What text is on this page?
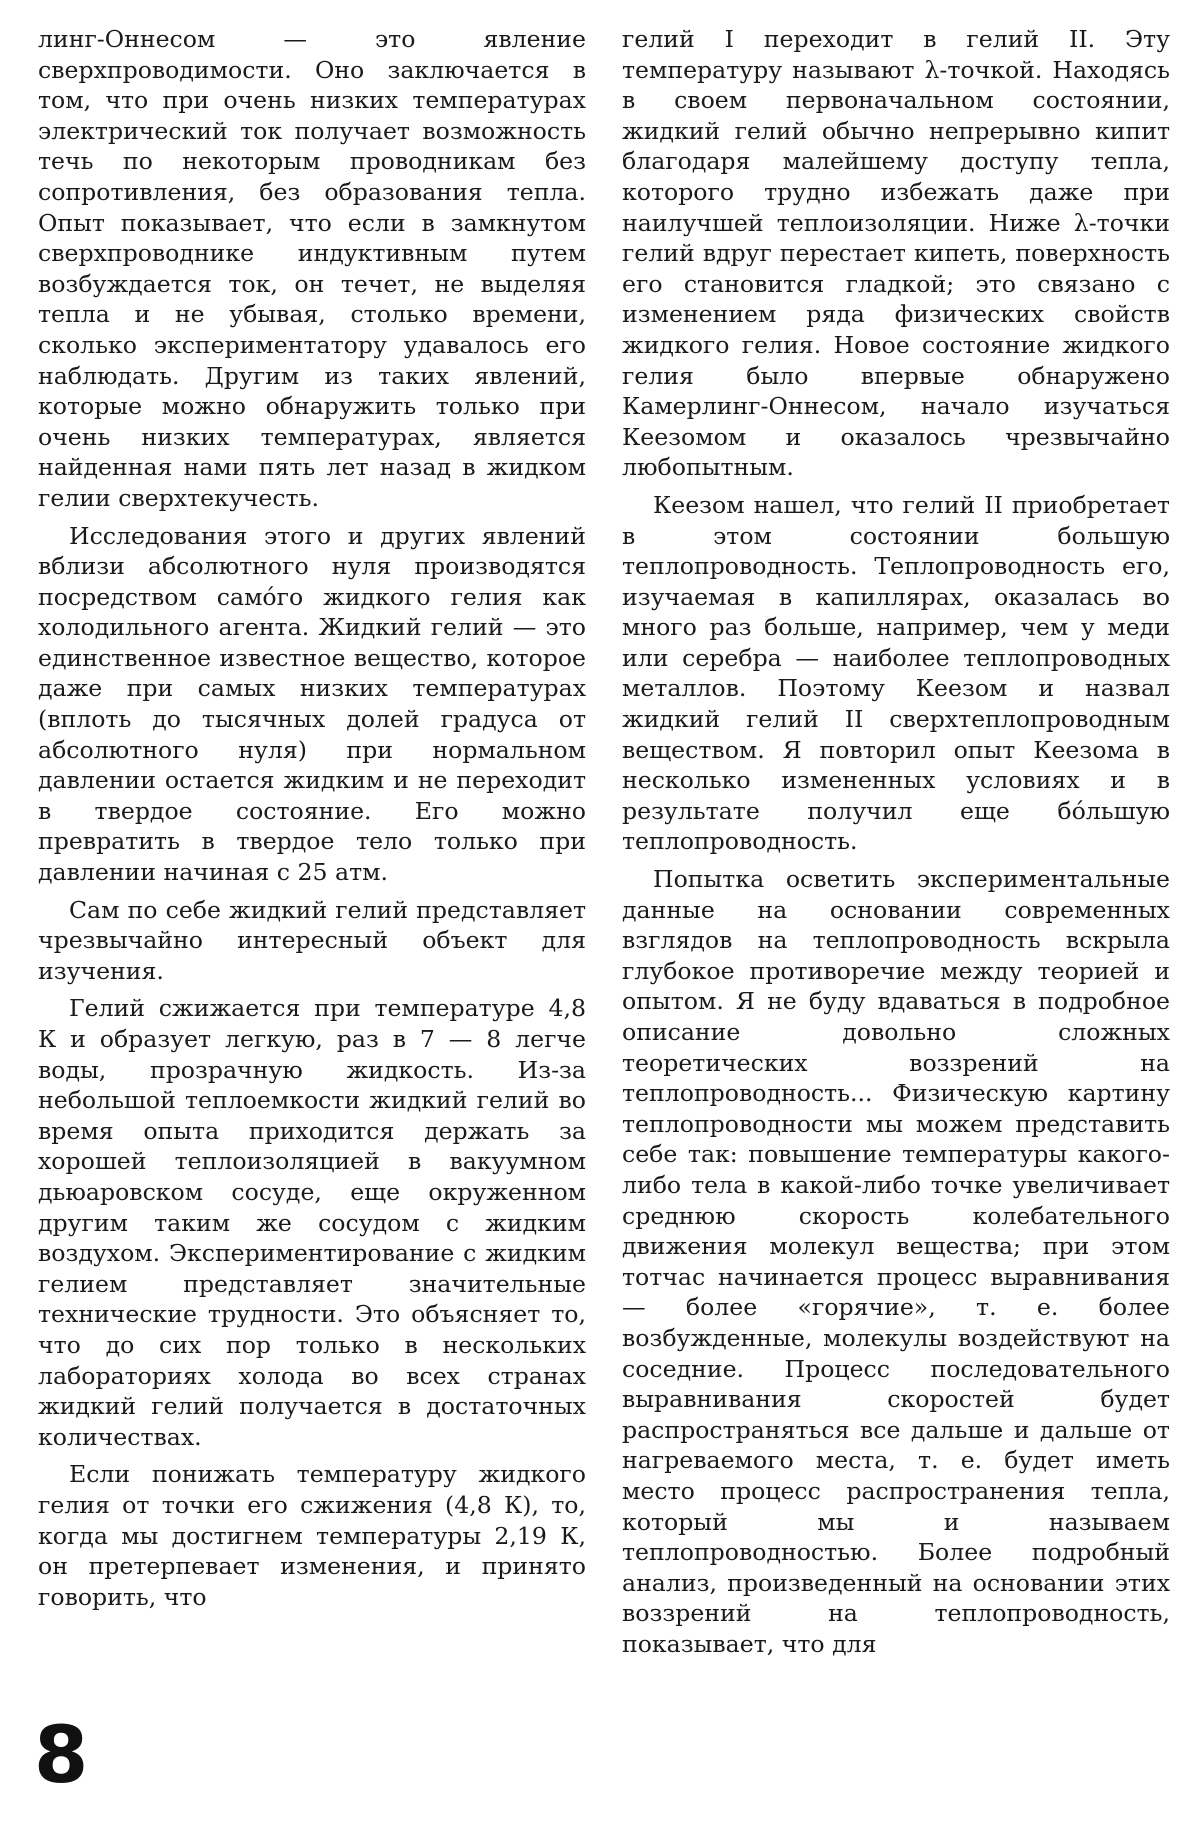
линг-Оннесом — это явление сверхпроводимости. Оно заключается в том, что при очень низких температурах электрический ток получает возможность течь по некоторым проводникам без сопротивления, без образования тепла. Опыт показывает, что если в замкнутом сверхпроводнике индуктивным путем возбуждается ток, он течет, не выделяя тепла и не убывая, столько времени, сколько экспериментатору удавалось его наблюдать. Другим из таких явлений, которые можно обнаружить только при очень низких температурах, является найденная нами пять лет назад в жидком гелии сверхтекучесть.

Исследования этого и других явлений вблизи абсолютного нуля производятся посредством самóго жидкого гелия как холодильного агента. Жидкий гелий — это единственное известное вещество, которое даже при самых низких температурах (вплоть до тысячных долей градуса от абсолютного нуля) при нормальном давлении остается жидким и не переходит в твердое состояние. Его можно превратить в твердое тело только при давлении начиная с 25 атм.

Сам по себе жидкий гелий представляет чрезвычайно интересный объект для изучения.

Гелий сжижается при температуре 4,8 К и образует легкую, раз в 7 — 8 легче воды, прозрачную жидкость. Из-за небольшой теплоемкости жидкий гелий во время опыта приходится держать за хорошей теплоизоляцией в вакуумном дьюаровском сосуде, еще окруженном другим таким же сосудом с жидким воздухом. Экспериментирование с жидким гелием представляет значительные технические трудности. Это объясняет то, что до сих пор только в нескольких лабораториях холода во всех странах жидкий гелий получается в достаточных количествах.

Если понижать температуру жидкого гелия от точки его сжижения (4,8 К), то, когда мы достигнем температуры 2,19 К, он претерпевает изменения, и принято говорить, что

гелий I переходит в гелий II. Эту температуру называют λ-точкой. Находясь в своем первоначальном состоянии, жидкий гелий обычно непрерывно кипит благодаря малейшему доступу тепла, которого трудно избежать даже при наилучшей теплоизоляции. Ниже λ-точки гелий вдруг перестает кипеть, поверхность его становится гладкой; это связано с изменением ряда физических свойств жидкого гелия. Новое состояние жидкого гелия было впервые обнаружено Камерлинг-Оннесом, начало изучаться Кеезомом и оказалось чрезвычайно любопытным.

Кеезом нашел, что гелий II приобретает в этом состоянии большую теплопроводность. Теплопроводность его, изучаемая в капиллярах, оказалась во много раз больше, например, чем у меди или серебра — наиболее теплопроводных металлов. Поэтому Кеезом и назвал жидкий гелий II сверхтеплопроводным веществом. Я повторил опыт Кеезома в несколько измененных условиях и в результате получил еще бóльшую теплопроводность.

Попытка осветить экспериментальные данные на основании современных взглядов на теплопроводность вскрыла глубокое противоречие между теорией и опытом. Я не буду вдаваться в подробное описание довольно сложных теоретических воззрений на теплопроводность... Физическую картину теплопроводности мы можем представить себе так: повышение температуры какого-либо тела в какой-либо точке увеличивает среднюю скорость колебательного движения молекул вещества; при этом тотчас начинается процесс выравнивания — более «горячие», т. е. более возбужденные, молекулы воздействуют на соседние. Процесс последовательного выравнивания скоростей будет распространяться все дальше и дальше от нагреваемого места, т. е. будет иметь место процесс распространения тепла, который мы и называем теплопроводностью. Более подробный анализ, произведенный на основании этих воззрений на теплопроводность, показывает, что для

8
